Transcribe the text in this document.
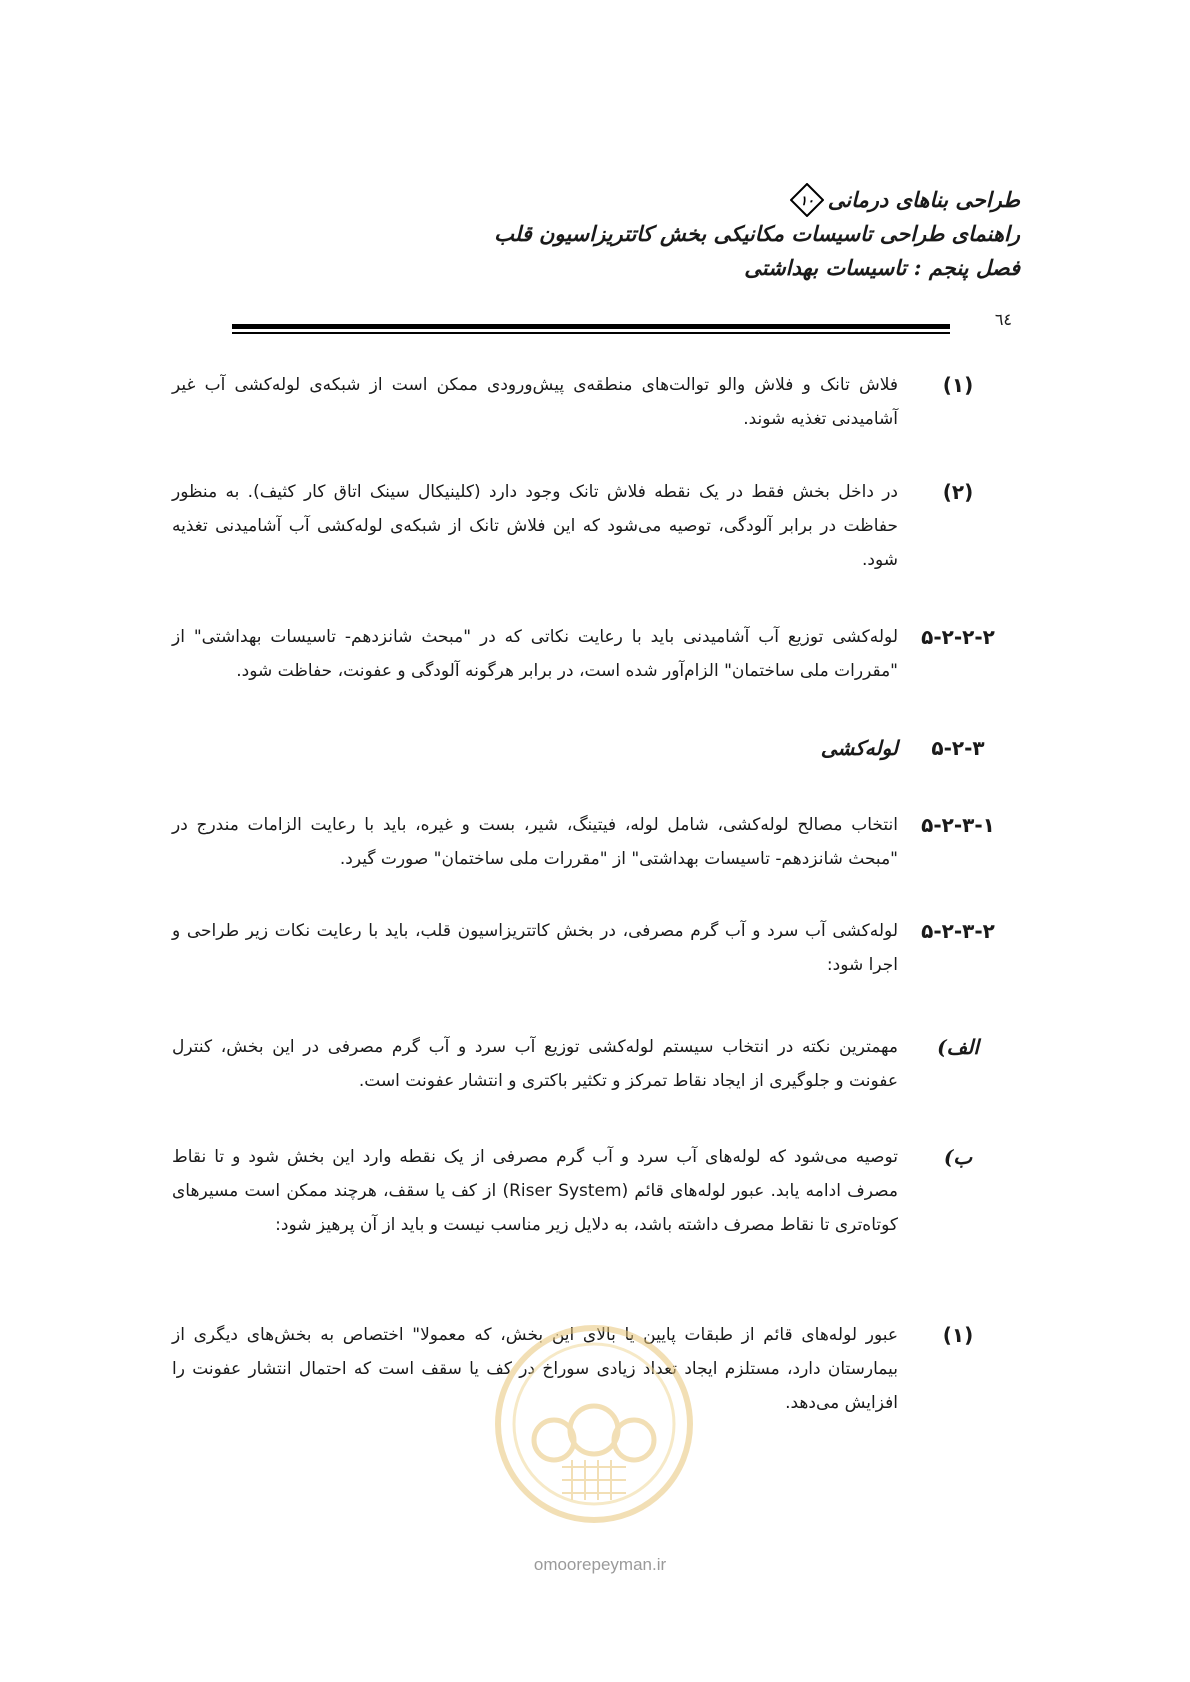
طراحی بناهای درمانی
۱۰
راهنمای طراحی تاسیسات مکانیکی بخش کاتتریزاسیون قلب
فصل پنجم : تاسیسات بهداشتی
٦٤
(۱)
فلاش تانک و فلاش والو توالت‌های منطقه‌ی پیش‌ورودی ممکن است از شبکه‌ی لوله‌کشی آب غیر آشامیدنی تغذیه شوند.
(۲)
در داخل بخش فقط در یک نقطه فلاش تانک وجود دارد (کلینیکال سینک اتاق کار کثیف). به منظور حفاظت در برابر آلودگی، توصیه می‌شود که این فلاش تانک از شبکه‌ی لوله‌کشی آب آشامیدنی تغذیه شود.
۵-۲-۲-۲
لوله‌کشی توزیع آب آشامیدنی باید با رعایت نکاتی که در "مبحث شانزدهم- تاسیسات بهداشتی" از "مقررات ملی ساختمان" الزام‌آور شده است، در برابر هرگونه آلودگی و عفونت، حفاظت شود.
۵-۲-۳
لوله‌کشی
۵-۲-۳-۱
انتخاب مصالح لوله‌کشی، شامل لوله، فیتینگ، شیر، بست و غیره، باید با رعایت الزامات مندرج در "مبحث شانزدهم- تاسیسات بهداشتی" از "مقررات ملی ساختمان" صورت گیرد.
۵-۲-۳-۲
لوله‌کشی آب سرد و آب گرم مصرفی، در بخش کاتتریزاسیون قلب، باید با رعایت نکات زیر طراحی و اجرا شود:
الف)
مهمترین نکته در انتخاب سیستم لوله‌کشی توزیع آب سرد و آب گرم مصرفی در این بخش، کنترل عفونت و جلوگیری از ایجاد نقاط تمرکز و تکثیر باکتری و انتشار عفونت است.
ب)
توصیه می‌شود که لوله‌های آب سرد و آب گرم مصرفی از یک نقطه وارد این بخش شود و تا نقاط مصرف ادامه یابد. عبور لوله‌های قائم (Riser System) از کف یا سقف، هرچند ممکن است مسیرهای کوتاه‌تری تا نقاط مصرف داشته باشد، به دلایل زیر مناسب نیست و باید از آن پرهیز شود:
(۱)
عبور لوله‌های قائم از طبقات پایین یا بالای این بخش، که معمولا" اختصاص به بخش‌های دیگری از بیمارستان دارد، مستلزم ایجاد تعداد زیادی سوراخ در کف یا سقف است که احتمال انتشار عفونت را افزایش می‌دهد.
omoorepeyman.ir
